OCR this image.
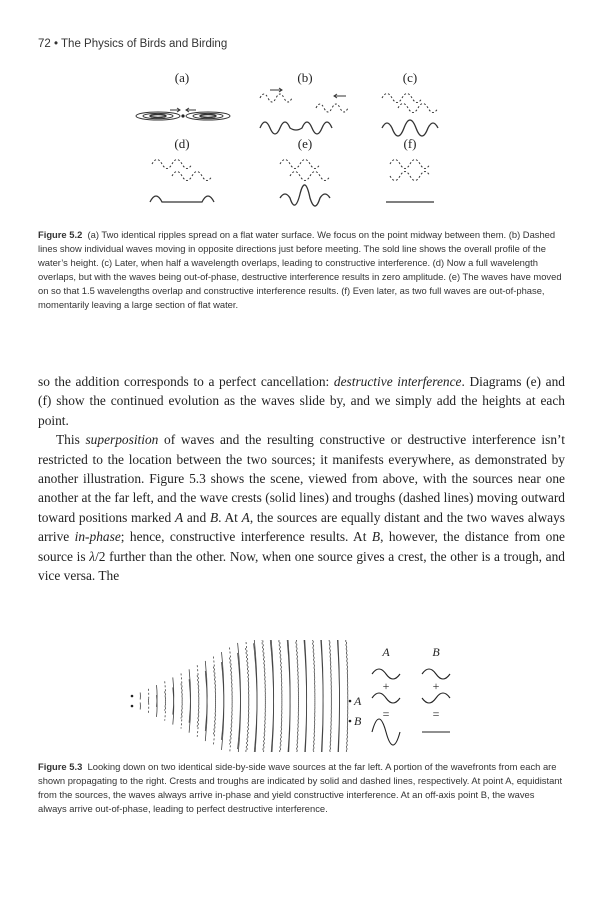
72 • The Physics of Birds and Birding
(a)	(b)	(c)
(d)	(e)	(f)

Figure 5.2 (a) Two identical ripples spread on a flat water surface. We focus on the point midway between them. (b) Dashed lines show individual waves moving in opposite directions just before meeting. The sold line shows the overall profile of the water’s height. (c) Later, when half a wavelength overlaps, leading to constructive interference. (d) Now a full wavelength overlaps, but with the waves being out-of-phase, destructive interference results in zero amplitude. (e) The waves have moved on so that 1.5 wavelengths overlap and constructive interference results. (f) Even later, as two full waves are out-of-phase, momentarily leaving a large section of flat water.

so the addition corresponds to a perfect cancellation: destructive interference. Diagrams (e) and (f) show the continued evolution as the waves slide by, and we simply add the heights at each point.

This superposition of waves and the resulting constructive or destructive interference isn’t restricted to the location between the two sources; it manifests everywhere, as demonstrated by another illustration. Figure 5.3 shows the scene, viewed from above, with the sources near one another at the far left, and the wave crests (solid lines) and troughs (dashed lines) moving outward toward positions marked A and B. At A, the sources are equally distant and the two waves always arrive in-phase; hence, constructive interference results. At B, however, the distance from one source is λ/2 further than the other. Now, when one source gives a crest, the other is a trough, and vice versa. The

A
B
A	B
+	+
=	=

Figure 5.3 Looking down on two identical side-by-side wave sources at the far left. A portion of the wavefronts from each are shown propagating to the right. Crests and troughs are indicated by solid and dashed lines, respectively. At point A, equidistant from the sources, the waves always arrive in-phase and yield constructive interference. At an off-axis point B, the waves always arrive out-of-phase, leading to perfect destructive interference.
